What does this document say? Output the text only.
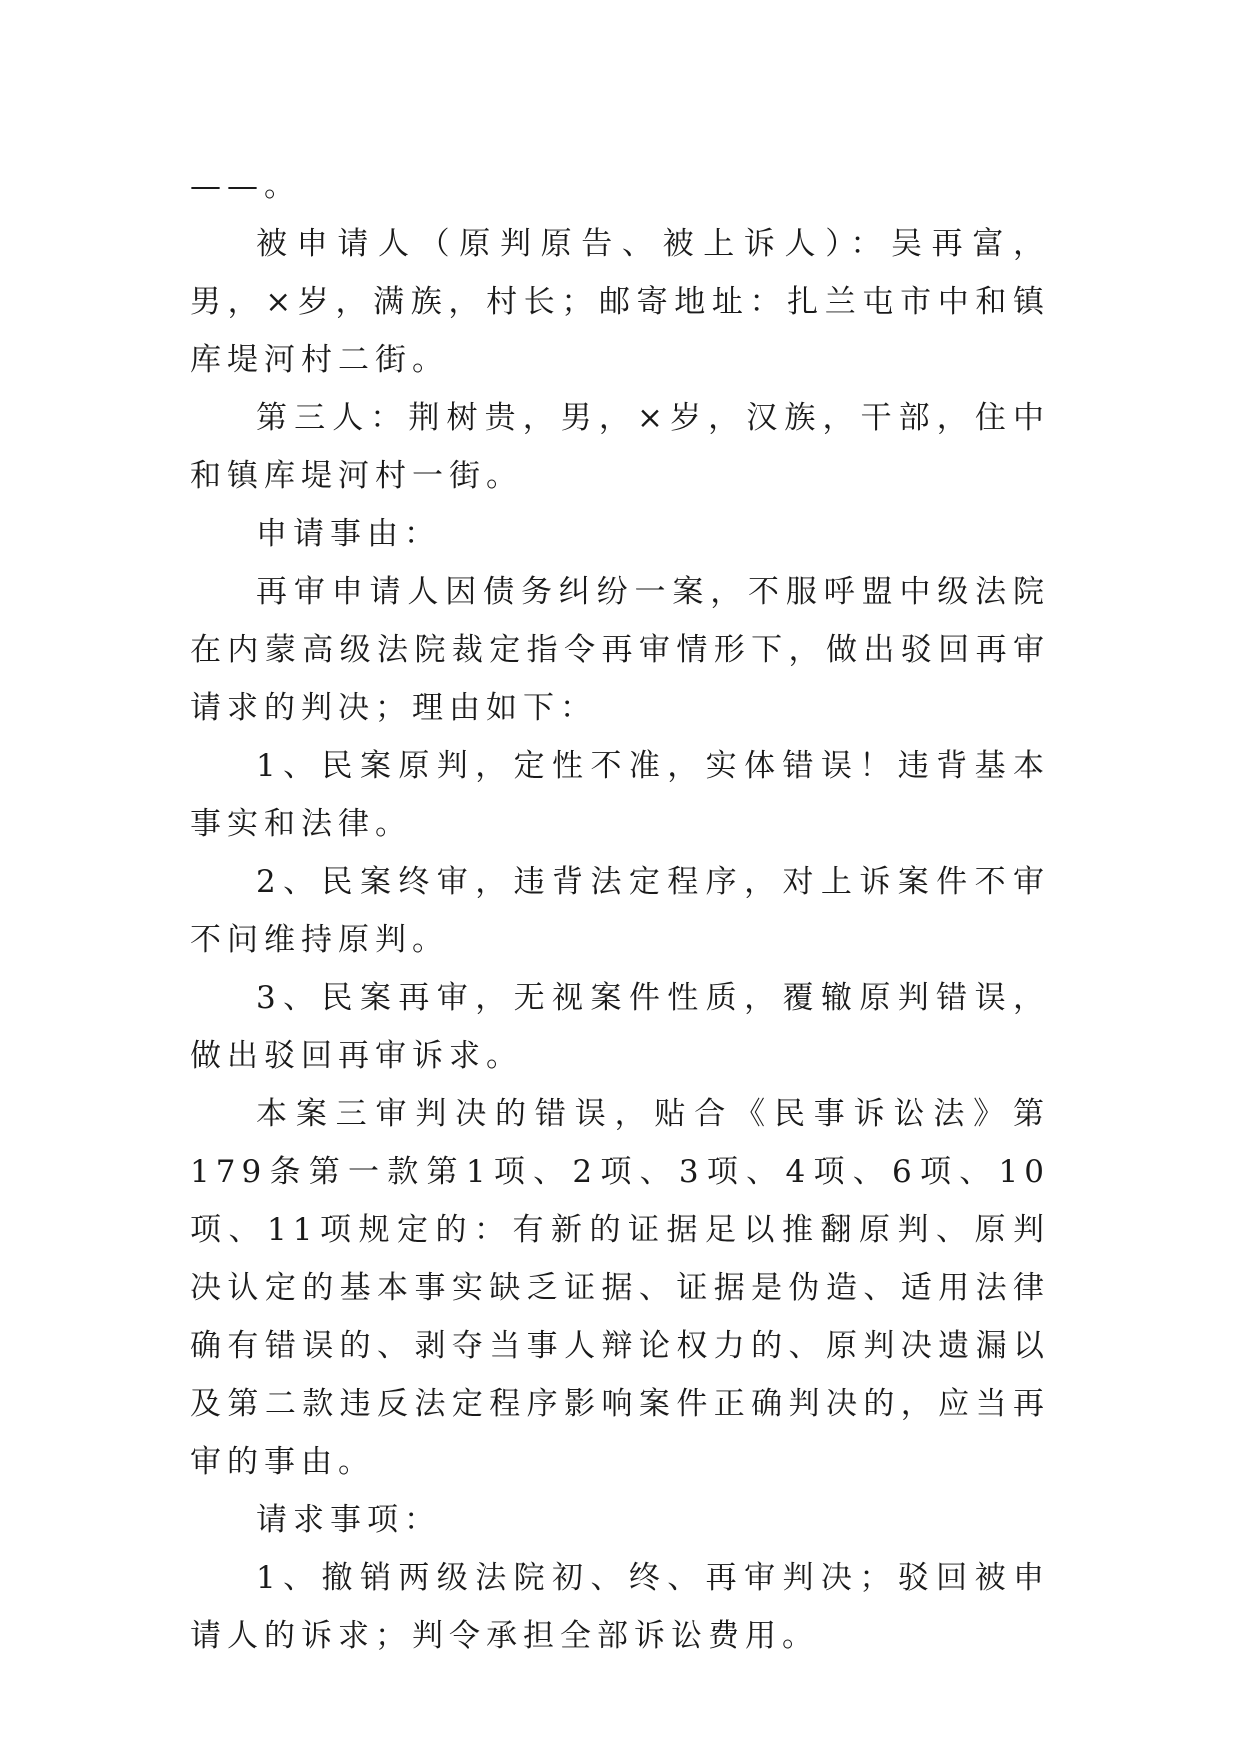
——。

被申请人（原判原告、被上诉人）：吴再富，男，×岁，满族，村长；邮寄地址：扎兰屯市中和镇库堤河村二街。

第三人：荆树贵，男，×岁，汉族，干部，住中和镇库堤河村一街。

申请事由：

再审申请人因债务纠纷一案，不服呼盟中级法院在内蒙高级法院裁定指令再审情形下，做出驳回再审请求的判决；理由如下：

1、民案原判，定性不准，实体错误！违背基本事实和法律。

2、民案终审，违背法定程序，对上诉案件不审不问维持原判。

3、民案再审，无视案件性质，覆辙原判错误，做出驳回再审诉求。

本案三审判决的错误，贴合《民事诉讼法》第179条第一款第1项、2项、3项、4项、6项、10项、11项规定的：有新的证据足以推翻原判、原判决认定的基本事实缺乏证据、证据是伪造、适用法律确有错误的、剥夺当事人辩论权力的、原判决遗漏以及第二款违反法定程序影响案件正确判决的，应当再审的事由。

请求事项：

1、撤销两级法院初、终、再审判决；驳回被申请人的诉求；判令承担全部诉讼费用。
